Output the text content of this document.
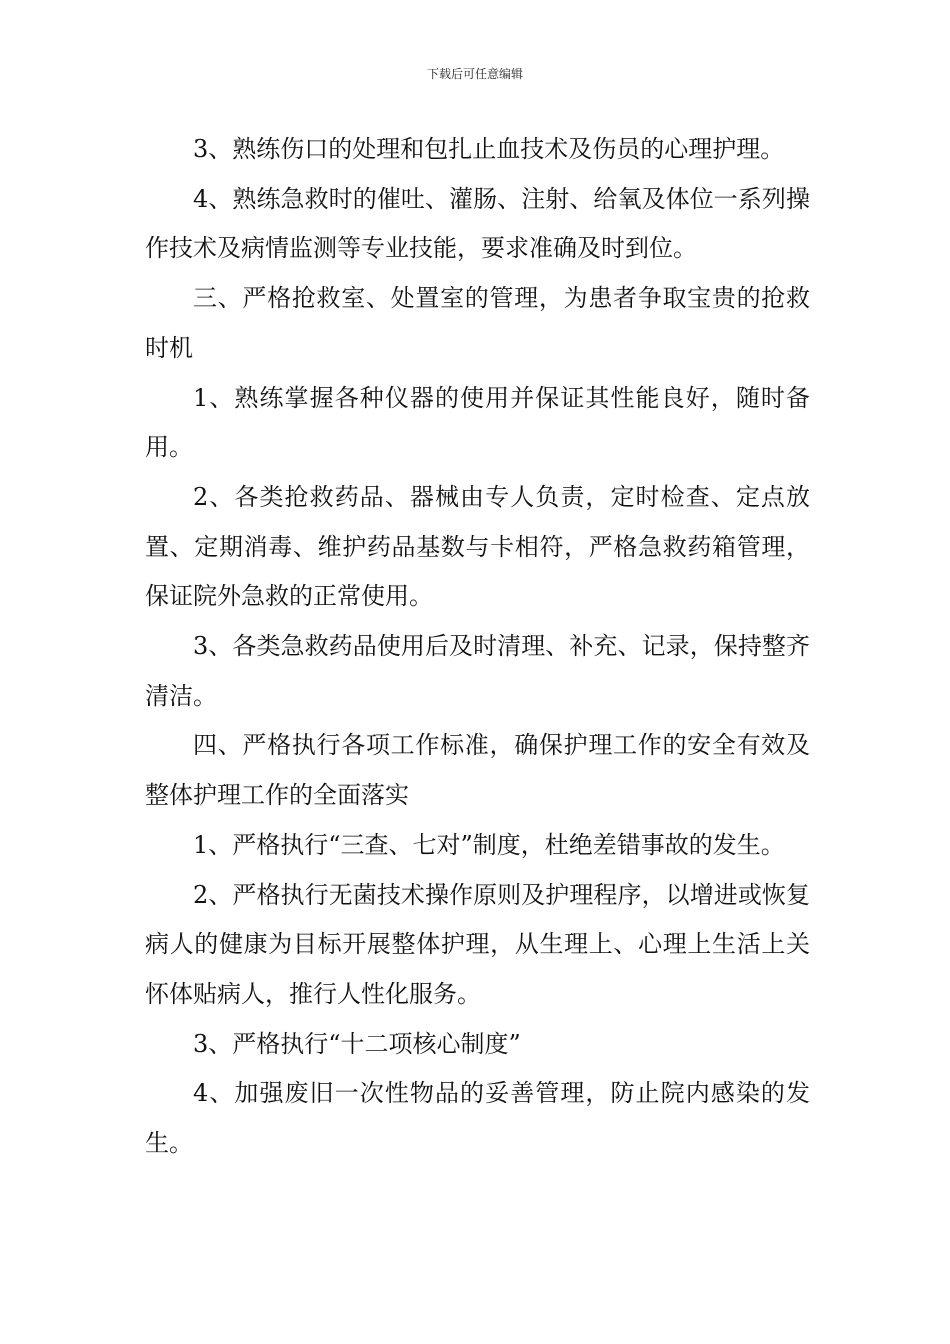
下载后可任意编辑

3、熟练伤口的处理和包扎止血技术及伤员的心理护理。

4、熟练急救时的催吐、灌肠、注射、给氧及体位一系列操作技术及病情监测等专业技能，要求准确及时到位。

三、严格抢救室、处置室的管理，为患者争取宝贵的抢救时机

1、熟练掌握各种仪器的使用并保证其性能良好，随时备用。

2、各类抢救药品、器械由专人负责，定时检查、定点放置、定期消毒、维护药品基数与卡相符，严格急救药箱管理，保证院外急救的正常使用。

3、各类急救药品使用后及时清理、补充、记录，保持整齐清洁。

四、严格执行各项工作标准，确保护理工作的安全有效及整体护理工作的全面落实

1、严格执行“三查、七对”制度，杜绝差错事故的发生。

2、严格执行无菌技术操作原则及护理程序，以增进或恢复病人的健康为目标开展整体护理，从生理上、心理上生活上关怀体贴病人，推行人性化服务。

3、严格执行“十二项核心制度”

4、加强废旧一次性物品的妥善管理，防止院内感染的发生。
